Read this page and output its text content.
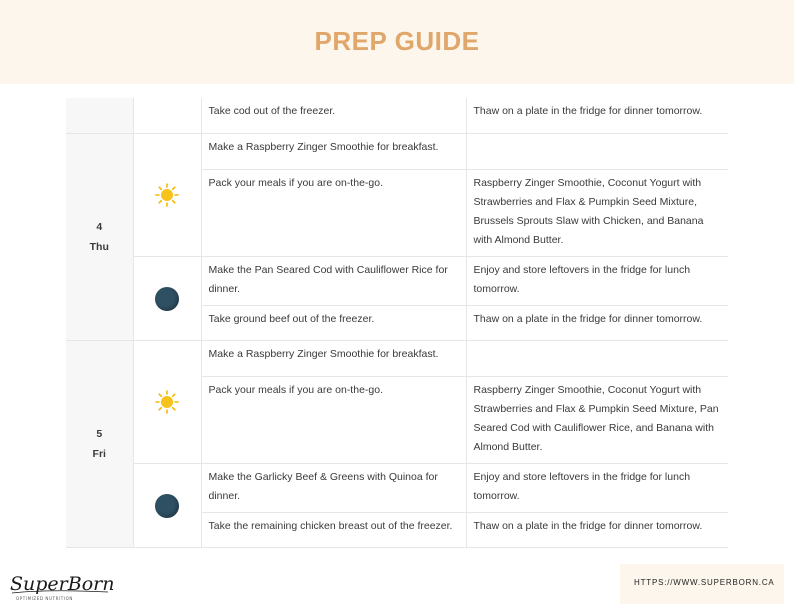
PREP GUIDE
		Take cod out of the freezer.	Thaw on a plate in the fridge for dinner tomorrow.

4
Thu		Make a Raspberry Zinger Smoothie for breakfast.	
		Pack your meals if you are on-the-go.	Raspberry Zinger Smoothie, Coconut Yogurt with Strawberries and Flax & Pumpkin Seed Mixture, Brussels Sprouts Slaw with Chicken, and Banana with Almond Butter.
		Make the Pan Seared Cod with Cauliflower Rice for dinner.	Enjoy and store leftovers in the fridge for lunch tomorrow.
		Take ground beef out of the freezer.	Thaw on a plate in the fridge for dinner tomorrow.

5
Fri		Make a Raspberry Zinger Smoothie for breakfast.	
		Pack your meals if you are on-the-go.	Raspberry Zinger Smoothie, Coconut Yogurt with Strawberries and Flax & Pumpkin Seed Mixture, Pan Seared Cod with Cauliflower Rice, and Banana with Almond Butter.
		Make the Garlicky Beef & Greens with Quinoa for dinner.	Enjoy and store leftovers in the fridge for lunch tomorrow.
		Take the remaining chicken breast out of the freezer.	Thaw on a plate in the fridge for dinner tomorrow.
SuperBorn
OPTIMIZED NUTRITION
HTTPS://WWW.SUPERBORN.CA
